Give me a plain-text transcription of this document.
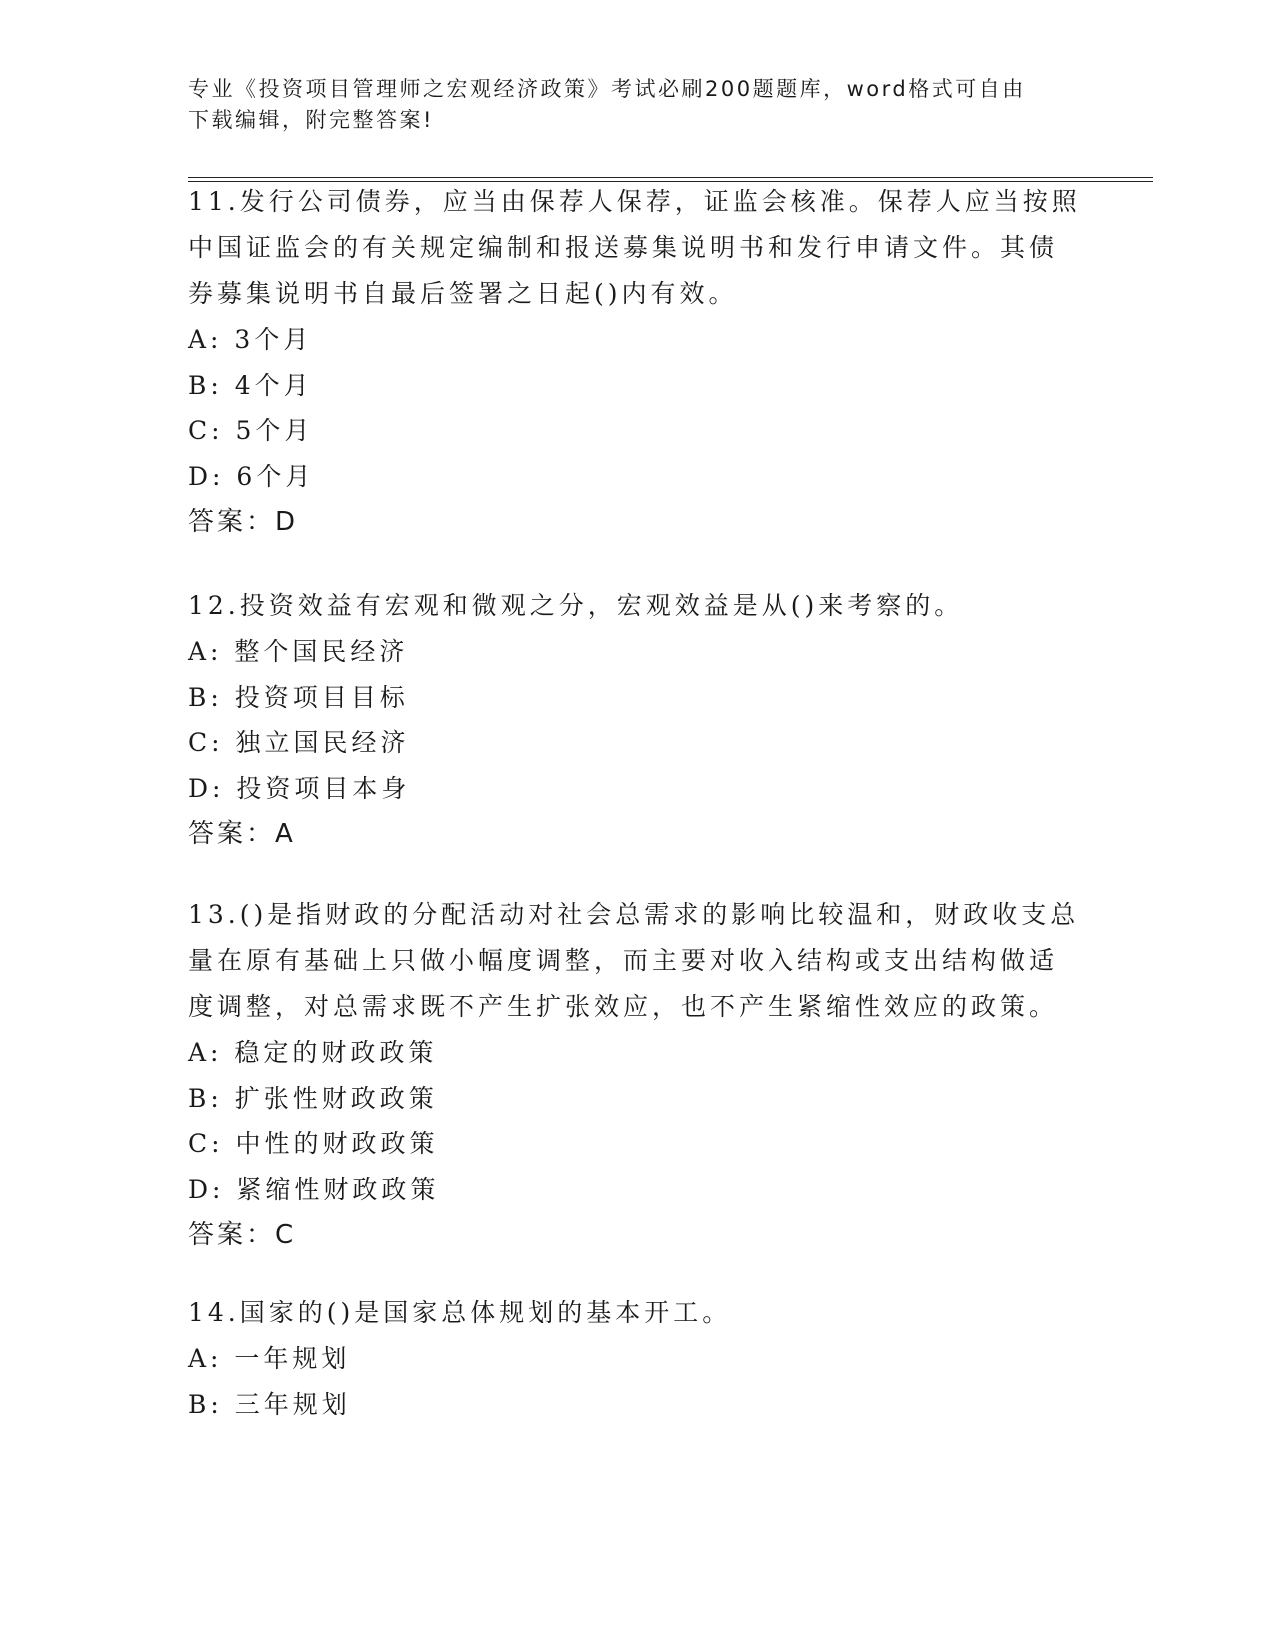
专业《投资项目管理师之宏观经济政策》考试必刷200题题库，word格式可自由
下载编辑，附完整答案!

11.发行公司债券，应当由保荐人保荐，证监会核准。保荐人应当按照

中国证监会的有关规定编制和报送募集说明书和发行申请文件。其债

券募集说明书自最后签署之日起()内有效。

A: 3个月

B: 4个月

C: 5个月

D: 6个月

答案：D

12.投资效益有宏观和微观之分，宏观效益是从()来考察的。

A: 整个国民经济

B: 投资项目目标

C: 独立国民经济

D: 投资项目本身

答案：A

13.()是指财政的分配活动对社会总需求的影响比较温和，财政收支总

量在原有基础上只做小幅度调整，而主要对收入结构或支出结构做适

度调整，对总需求既不产生扩张效应，也不产生紧缩性效应的政策。

A: 稳定的财政政策

B: 扩张性财政政策

C: 中性的财政政策

D: 紧缩性财政政策

答案：C

14.国家的()是国家总体规划的基本开工。

A: 一年规划

B: 三年规划
